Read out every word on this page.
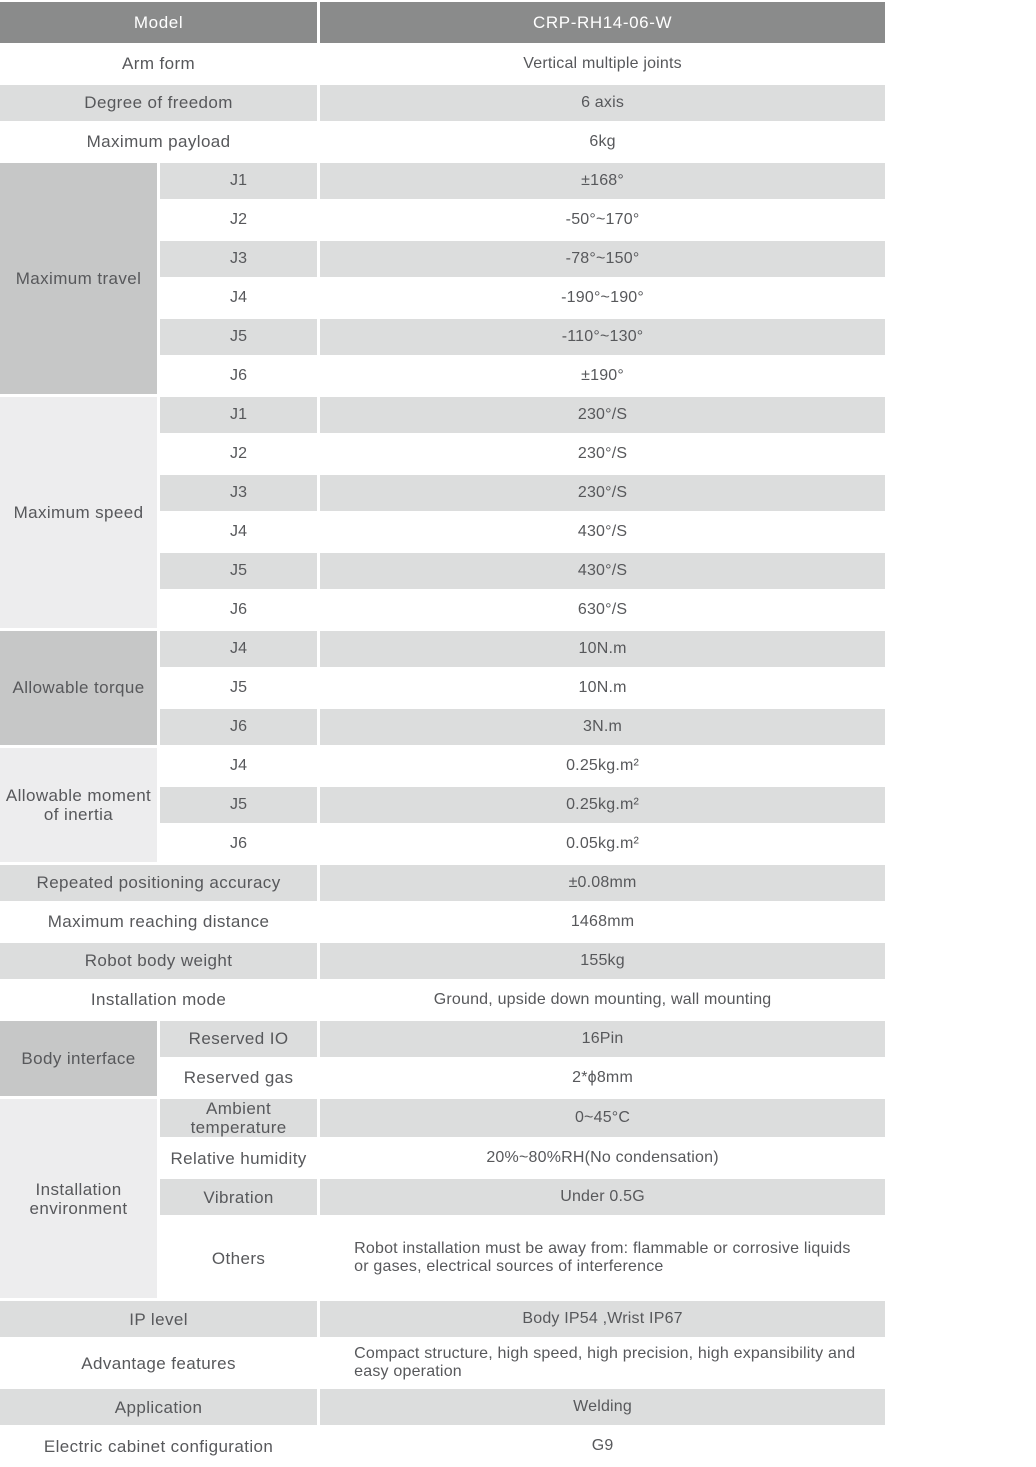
Model		CRP-RH14-06-W
Arm form		Vertical multiple joints
Degree of freedom		6 axis
Maximum payload		6kg
Maximum travel	J1	±168°
	J2	-50°~170°
	J3	-78°~150°
	J4	-190°~190°
	J5	-110°~130°
	J6	±190°
Maximum speed	J1	230°/S
	J2	230°/S
	J3	230°/S
	J4	430°/S
	J5	430°/S
	J6	630°/S
Allowable torque	J4	10N.m
	J5	10N.m
	J6	3N.m
Allowable moment of inertia	J4	0.25kg.m²
	J5	0.25kg.m²
	J6	0.05kg.m²
Repeated positioning accuracy		±0.08mm
Maximum reaching distance		1468mm
Robot body weight		155kg
Installation mode		Ground, upside down mounting, wall mounting
Body interface	Reserved IO	16Pin
	Reserved gas	2*ϕ8mm
Installation environment	Ambient temperature	0~45°C
	Relative humidity	20%~80%RH(No condensation)
	Vibration	Under 0.5G
	Others	Robot installation must be away from: flammable or corrosive liquids or gases, electrical sources of interference
IP level		Body IP54 ,Wrist IP67
Advantage features		Compact structure, high speed, high precision, high expansibility and easy operation
Application		Welding
Electric cabinet configuration		G9
